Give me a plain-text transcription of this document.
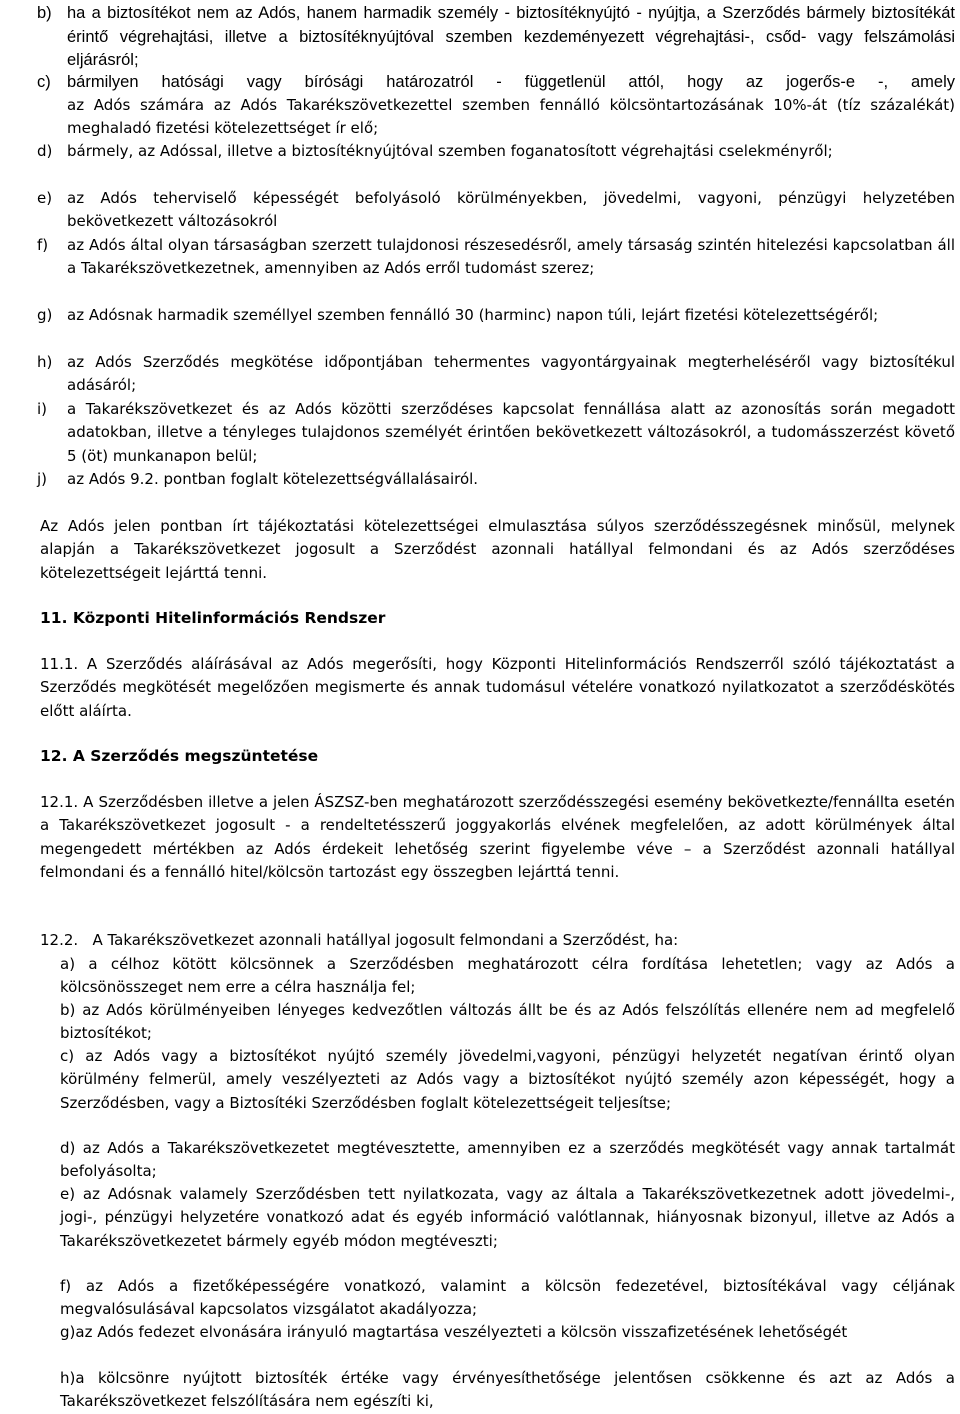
b) ha a biztosítékot nem az Adós, hanem harmadik személy - biztosítéknyújtó - nyújtja, a Szerződés bármely biztosítékát érintő végrehajtási, illetve a biztosítéknyújtóval szemben kezdeményezett végrehajtási-, csőd- vagy felszámolási eljárásról;
c) bármilyen hatósági vagy bírósági határozatról - függetlenül attól, hogy az jogerős-e -, amely
az Adós számára az Adós Takarékszövetkezettel szemben fennálló kölcsöntartozásának 10%-át (tíz százalékát) meghaladó fizetési kötelezettséget ír elő;
d) bármely, az Adóssal, illetve a biztosítéknyújtóval szemben foganatosított végrehajtási cselekményről;
e) az Adós teherviselő képességét befolyásoló körülményekben, jövedelmi, vagyoni, pénzügyi helyzetében bekövetkezett változásokról
f) az Adós által olyan társaságban szerzett tulajdonosi részesedésről, amely társaság szintén hitelezési kapcsolatban áll a Takarékszövetkezetnek, amennyiben az Adós erről tudomást szerez;
g) az Adósnak harmadik személlyel szemben fennálló 30 (harminc) napon túli, lejárt fizetési kötelezettségéről;
h) az Adós Szerződés megkötése időpontjában tehermentes vagyontárgyainak megterheléséről vagy biztosítékul adásáról;
i) a Takarékszövetkezet és az Adós közötti szerződéses kapcsolat fennállása alatt az azonosítás során megadott adatokban, illetve a tényleges tulajdonos személyét érintően bekövetkezett változásokról, a tudomásszerzést követő 5 (öt) munkanapon belül;
j) az Adós 9.2. pontban foglalt kötelezettségvállalásairól.
Az Adós jelen pontban írt tájékoztatási kötelezettségei elmulasztása súlyos szerződésszegésnek minősül, melynek alapján a Takarékszövetkezet jogosult a Szerződést azonnali hatállyal felmondani és az Adós szerződéses kötelezettségeit lejárttá tenni.
11. Központi Hitelinformációs Rendszer
11.1. A Szerződés aláírásával az Adós megerősíti, hogy Központi Hitelinformációs Rendszerről szóló tájékoztatást a Szerződés megkötését megelőzően megismerte és annak tudomásul vételére vonatkozó nyilatkozatot a szerződéskötés előtt aláírta.
12. A Szerződés megszüntetése
12.1. A Szerződésben illetve a jelen ÁSZSZ-ben meghatározott szerződésszegési esemény bekövetkezte/fennállta esetén a Takarékszövetkezet jogosult - a rendeltetésszerű joggyakorlás elvének megfelelően, az adott körülmények által megengedett mértékben az Adós érdekeit lehetőség szerint figyelembe véve – a Szerződést azonnali hatállyal felmondani és a fennálló hitel/kölcsön tartozást egy összegben lejárttá tenni.
12.2.   A Takarékszövetkezet azonnali hatállyal jogosult felmondani a Szerződést, ha:
a) a célhoz kötött kölcsönnek a Szerződésben meghatározott célra fordítása lehetetlen; vagy az Adós a kölcsönösszeget nem erre a célra használja fel;
b) az Adós körülményeiben lényeges kedvezőtlen változás állt be és az Adós felszólítás ellenére nem ad megfelelő biztosítékot;
c) az Adós vagy a biztosítékot nyújtó személy jövedelmi,vagyoni, pénzügyi helyzetét negatívan érintő olyan körülmény felmerül, amely veszélyezteti az Adós vagy a biztosítékot nyújtó személy azon képességét, hogy a Szerződésben, vagy a Biztosítéki Szerződésben foglalt kötelezettségeit teljesítse;
d) az Adós a Takarékszövetkezetet megtévesztette, amennyiben ez a szerződés megkötését vagy annak tartalmát befolyásolta;
e) az Adósnak valamely Szerződésben tett nyilatkozata, vagy az általa a Takarékszövetkezetnek adott jövedelmi-, jogi-, pénzügyi helyzetére vonatkozó adat és egyéb információ valótlannak, hiányosnak bizonyul, illetve az Adós a Takarékszövetkezetet bármely egyéb módon megtéveszti;
f) az Adós a fizetőképességére vonatkozó, valamint a kölcsön fedezetével, biztosítékával vagy céljának megvalósulásával kapcsolatos vizsgálatot akadályozza;
g)az Adós fedezet elvonására irányuló magtartása veszélyezteti a kölcsön visszafizetésének lehetőségét
h)a kölcsönre nyújtott biztosíték értéke vagy érvényesíthetősége jelentősen csökkenne és azt az Adós a Takarékszövetkezet felszólítására nem egészíti ki,
